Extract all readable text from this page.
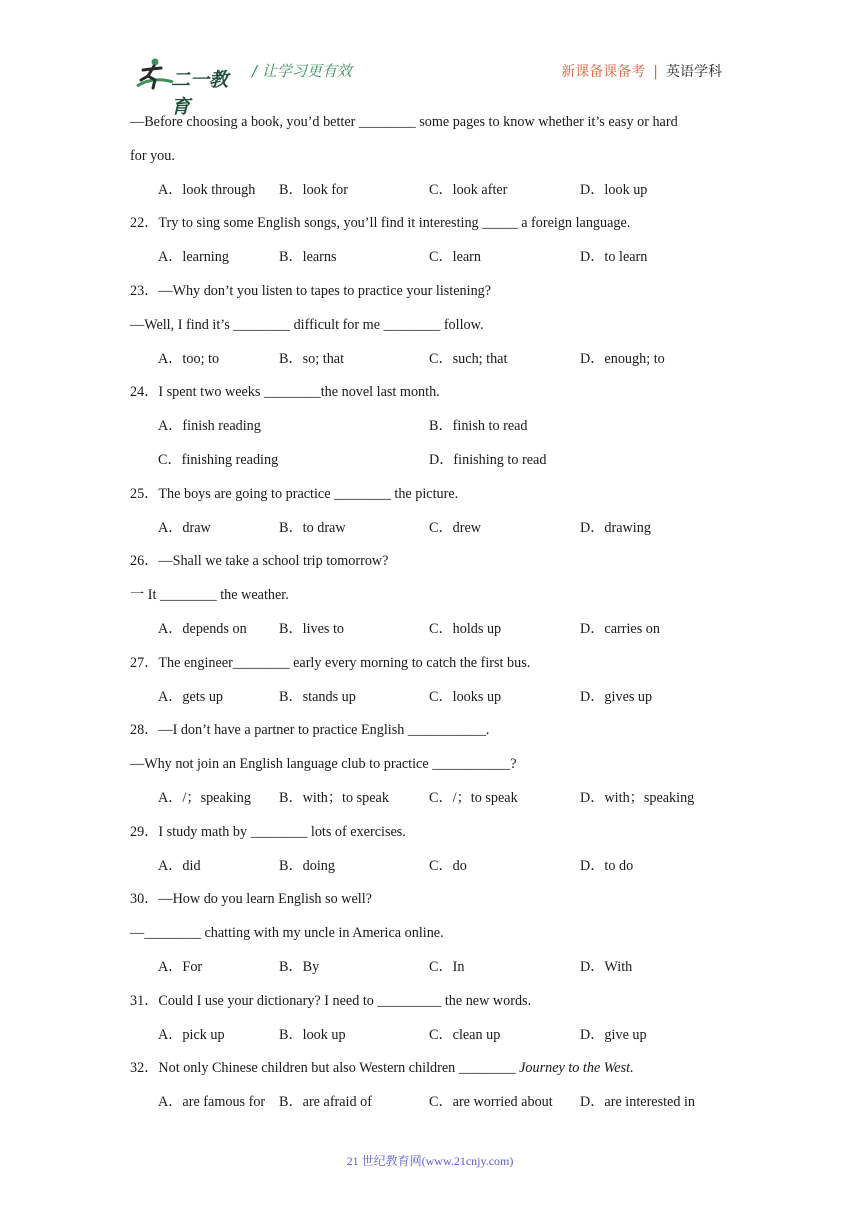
二一教育
/ 让学习更有效	新课备课备考 | 英语学科
—Before choosing a book, you’d better ________ some pages to know whether it’s easy or hard
for you.
A．look through B．look for	C．look after	D．look up
22．Try to sing some English songs, you’ll find it interesting _____ a foreign language.
A．learning	B．learns	C．learn	D．to learn
23．—Why don’t you listen to tapes to practice your listening?
—Well, I find it’s ________ difficult for me ________ follow.
A．too; to	B．so; that	C．such; that	D．enough; to
24．I spent two weeks ________the novel last month.
A．finish reading	B．finish to read
C．finishing reading	D．finishing to read
25．The boys are going to practice ________ the picture.
A．draw	B．to draw	C．drew	D．drawing
26．—Shall we take a school trip tomorrow?
一 It ________ the weather.
A．depends on B．lives to	C．holds up	D．carries on
27．The engineer________ early every morning to catch the first bus.
A．gets up	B．stands up	C．looks up	D．gives up
28．—I don’t have a partner to practice English ___________.
—Why not join an English language club to practice ___________?
A．/；speaking B．with；to speak	C．/；to speak	D．with；speaking
29．I study math by ________ lots of exercises.
A．did	B．doing	C．do	D．to do
30．—How do you learn English so well?
—________ chatting with my uncle in America online.
A．For	B．By	C．In	D．With
31．Could I use your dictionary? I need to _________ the new words.
A．pick up	B．look up	C．clean up	D．give up
32．Not only Chinese children but also Western children ________ Journey to the West.
A．are famous for B．are afraid of	C．are worried about D．are interested in
21 世纪教育网(www.21cnjy.com)
